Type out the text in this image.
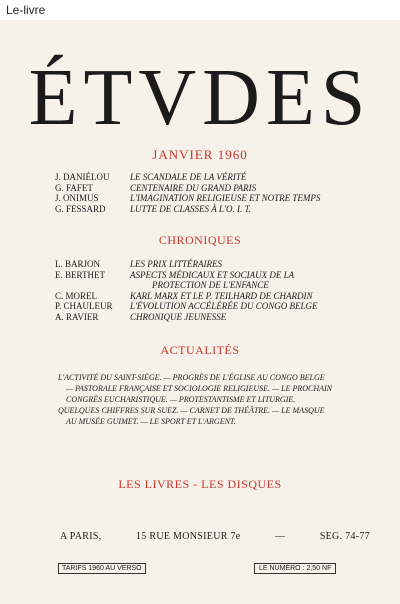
Le-livre
ÉTVDES
JANVIER 1960
J. DANIÉLOU	LE SCANDALE DE LA VÉRITÉ
G. FAFET	CENTENAIRE DU GRAND PARIS
J. ONIMUS	L'IMAGINATION RELIGIEUSE ET NOTRE TEMPS
G. FESSARD	LUTTE DE CLASSES À L'O. I. T.
CHRONIQUES
L. BARJON	LES PRIX LITTÉRAIRES
E. BERTHET	ASPECTS MÉDICAUX ET SOCIAUX DE LA
PROTECTION DE L'ENFANCE
C. MOREL	KARL MARX ET LE P. TEILHARD DE CHARDIN
P. CHAULEUR	L'ÉVOLUTION ACCÉLÉRÉE DU CONGO BELGE
A. RAVIER	CHRONIQUE JEUNESSE
ACTUALITÉS
L'ACTIVITÉ DU SAINT-SIÈGE. — PROGRÈS DE L'ÉGLISE AU CONGO BELGE
— PASTORALE FRANÇAISE ET SOCIOLOGIE RELIGIEUSE. — LE PROCHAIN
CONGRÈS EUCHARISTIQUE. — PROTESTANTISME ET LITURGIE.
QUELQUES CHIFFRES SUR SUEZ. — CARNET DE THÉÂTRE. — LE MASQUE
AU MUSÉE GUIMET. — LE SPORT ET L'ARGENT.
LES LIVRES - LES DISQUES
A PARIS,	15 RUE MONSIEUR 7e	—	SEG. 74-77
TARIFS 1960 AU VERSO	LE NUMÉRO : 2,50 NF
